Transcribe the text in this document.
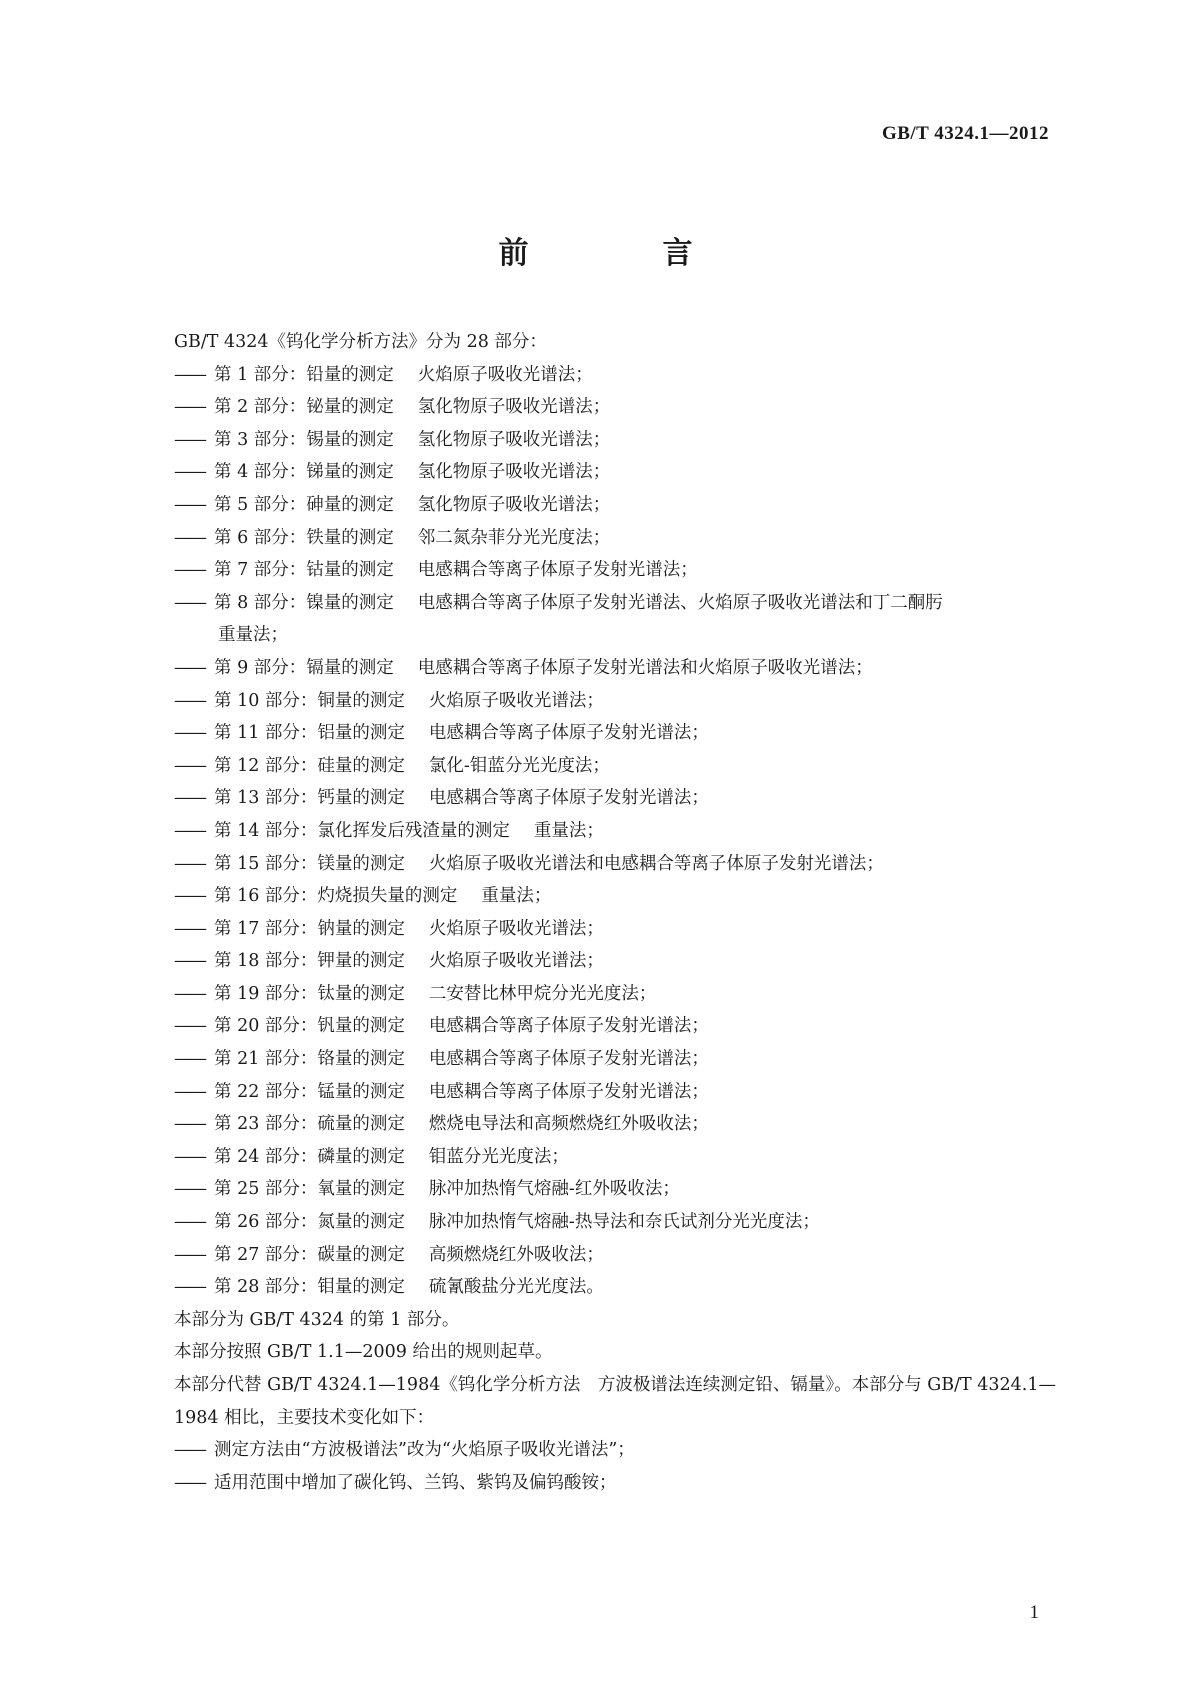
GB/T 4324.1—2012
前　言
GB/T 4324《钨化学分析方法》分为 28 部分：
——第 1 部分：铅量的测定 火焰原子吸收光谱法；
——第 2 部分：铋量的测定 氢化物原子吸收光谱法；
——第 3 部分：锡量的测定 氢化物原子吸收光谱法；
——第 4 部分：锑量的测定 氢化物原子吸收光谱法；
——第 5 部分：砷量的测定 氢化物原子吸收光谱法；
——第 6 部分：铁量的测定 邻二氮杂菲分光光度法；
——第 7 部分：钴量的测定 电感耦合等离子体原子发射光谱法；
——第 8 部分：镍量的测定 电感耦合等离子体原子发射光谱法、火焰原子吸收光谱法和丁二酮肟
重量法；
——第 9 部分：镉量的测定 电感耦合等离子体原子发射光谱法和火焰原子吸收光谱法；
——第 10 部分：铜量的测定 火焰原子吸收光谱法；
——第 11 部分：铝量的测定 电感耦合等离子体原子发射光谱法；
——第 12 部分：硅量的测定 氯化-钼蓝分光光度法；
——第 13 部分：钙量的测定 电感耦合等离子体原子发射光谱法；
——第 14 部分：氯化挥发后残渣量的测定 重量法；
——第 15 部分：镁量的测定 火焰原子吸收光谱法和电感耦合等离子体原子发射光谱法；
——第 16 部分：灼烧损失量的测定 重量法；
——第 17 部分：钠量的测定 火焰原子吸收光谱法；
——第 18 部分：钾量的测定 火焰原子吸收光谱法；
——第 19 部分：钛量的测定 二安替比林甲烷分光光度法；
——第 20 部分：钒量的测定 电感耦合等离子体原子发射光谱法；
——第 21 部分：铬量的测定 电感耦合等离子体原子发射光谱法；
——第 22 部分：锰量的测定 电感耦合等离子体原子发射光谱法；
——第 23 部分：硫量的测定 燃烧电导法和高频燃烧红外吸收法；
——第 24 部分：磷量的测定 钼蓝分光光度法；
——第 25 部分：氧量的测定 脉冲加热惰气熔融-红外吸收法；
——第 26 部分：氮量的测定 脉冲加热惰气熔融-热导法和奈氏试剂分光光度法；
——第 27 部分：碳量的测定 高频燃烧红外吸收法；
——第 28 部分：钼量的测定 硫氰酸盐分光光度法。
本部分为 GB/T 4324 的第 1 部分。
本部分按照 GB/T 1.1—2009 给出的规则起草。
本部分代替 GB/T 4324.1—1984《钨化学分析方法　方波极谱法连续测定铅、镉量》。本部分与 GB/T 4324.1—1984 相比，主要技术变化如下：
——测定方法由“方波极谱法”改为“火焰原子吸收光谱法”；
——适用范围中增加了碳化钨、兰钨、紫钨及偏钨酸铵；
1
